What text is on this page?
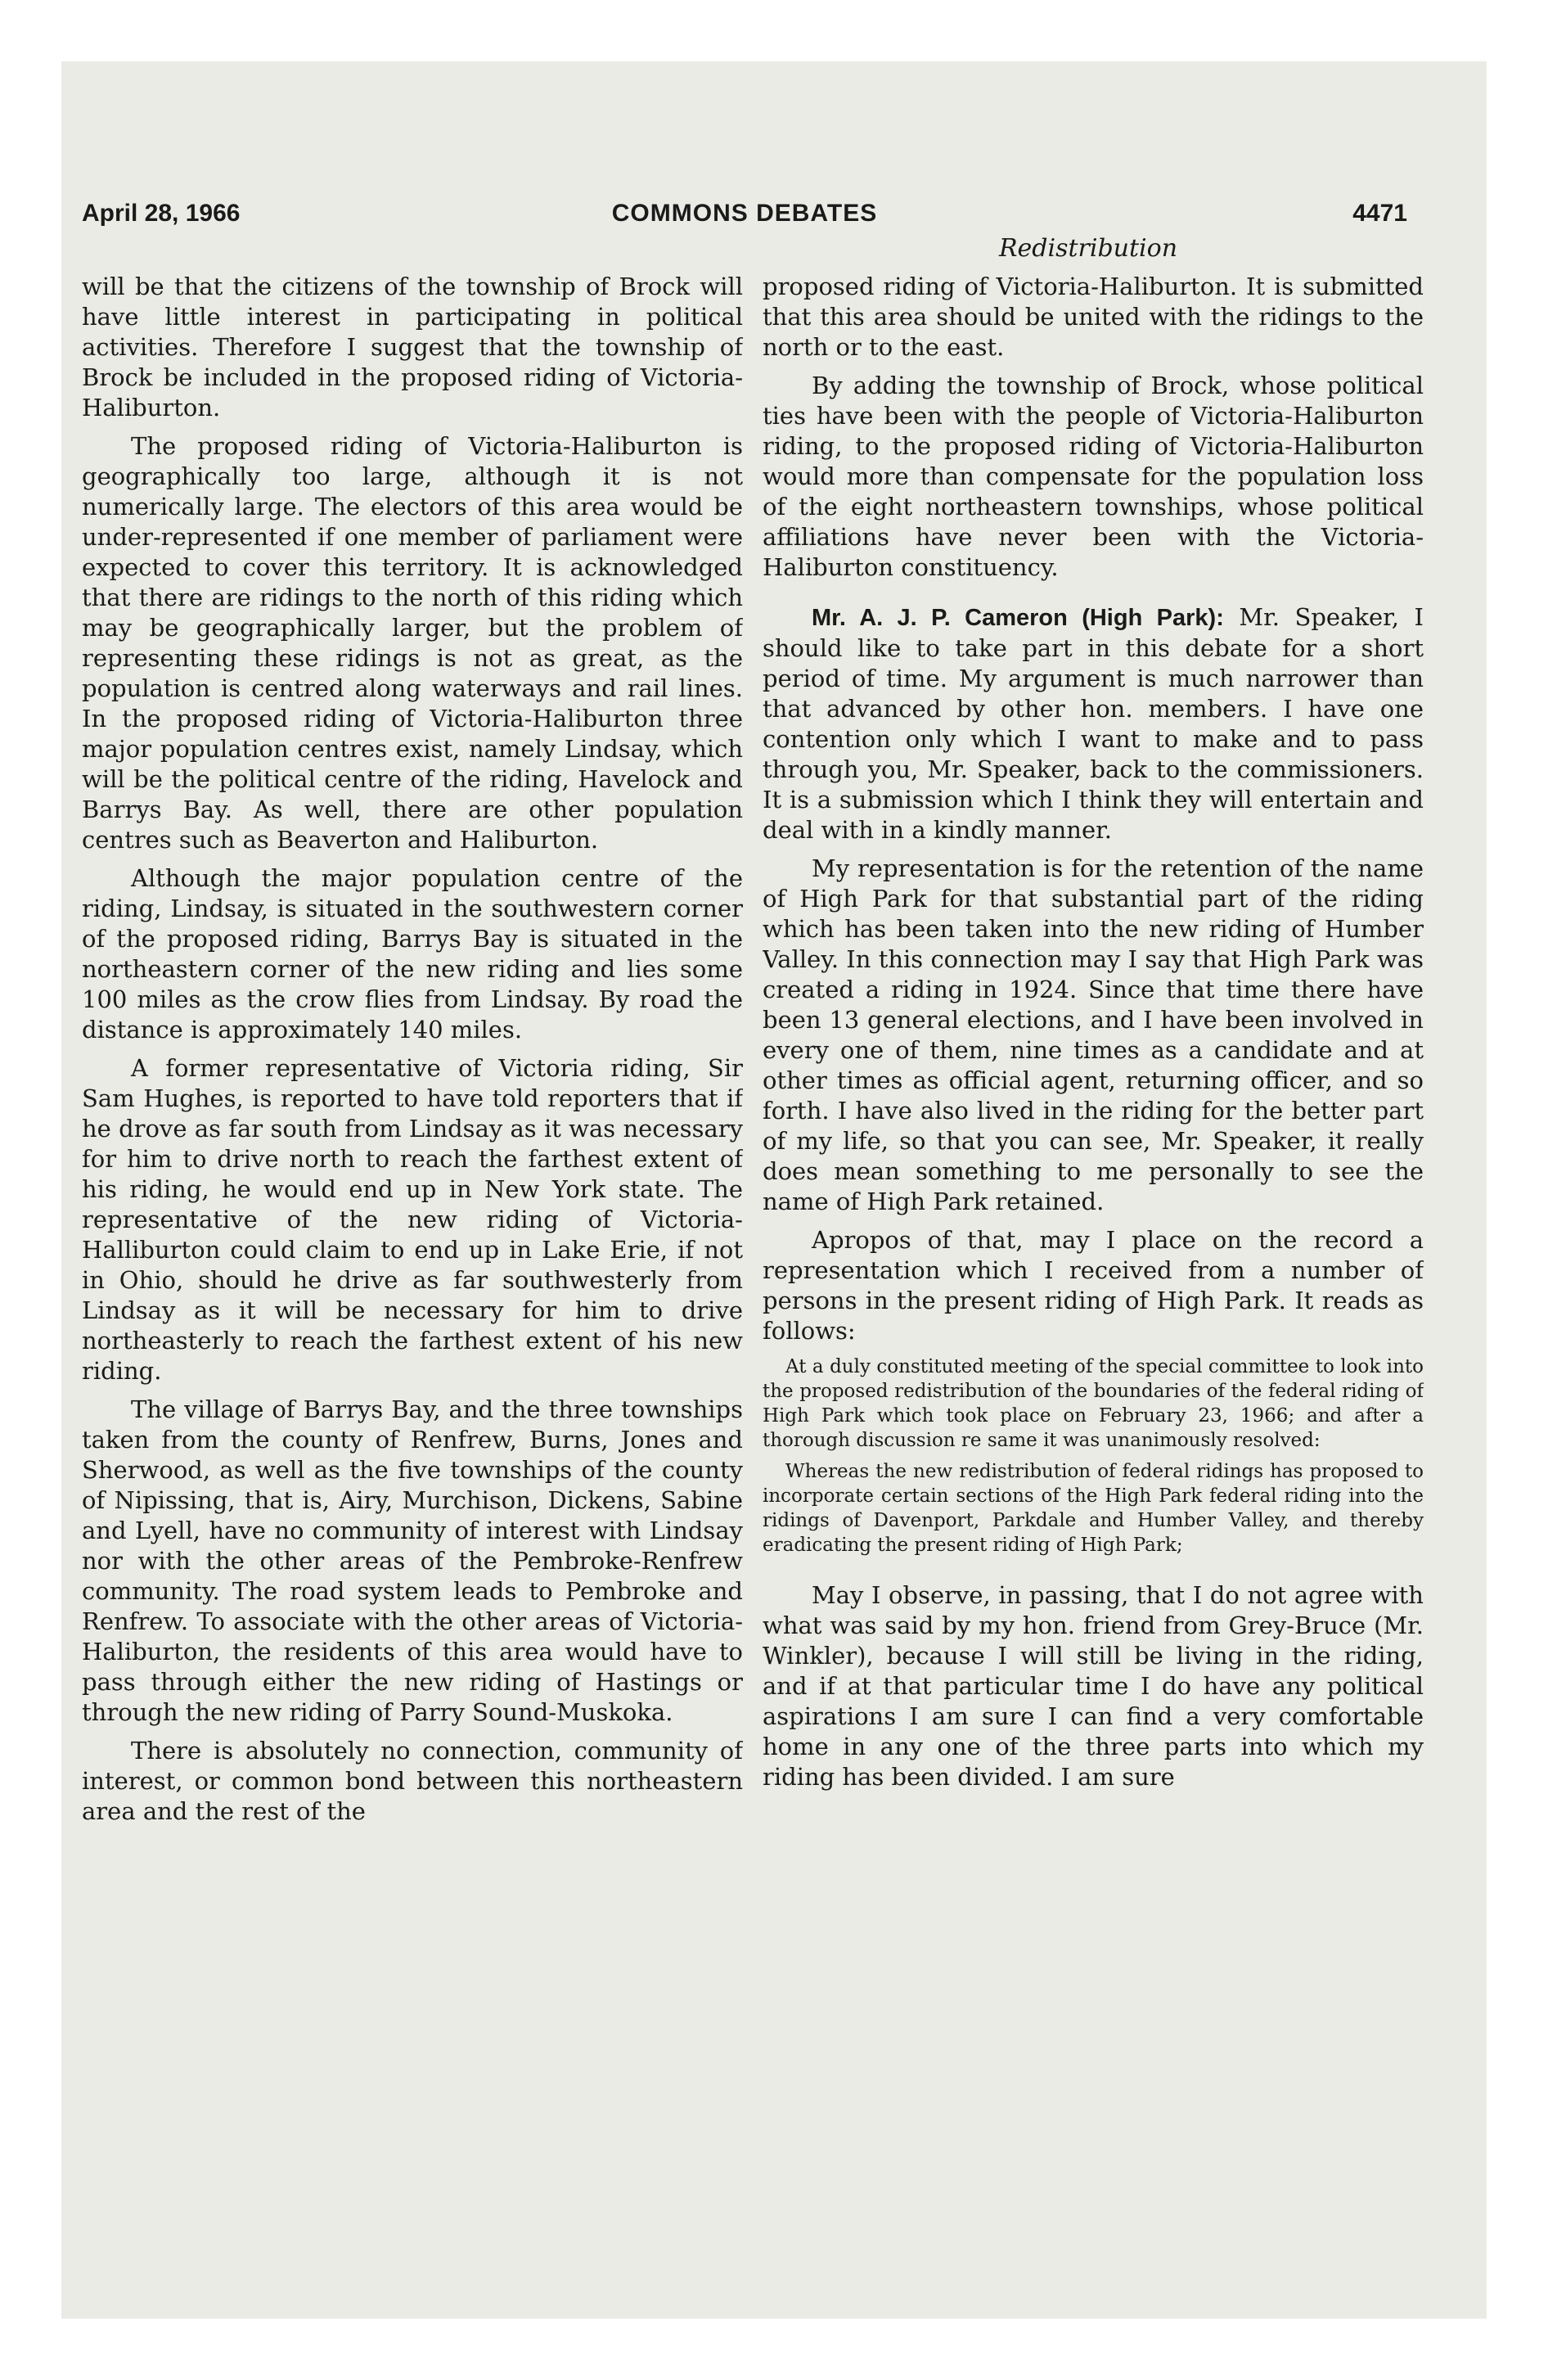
April 28, 1966	COMMONS DEBATES	4471
Redistribution

will be that the citizens of the township of Brock will have little interest in participating in political activities. Therefore I suggest that the township of Brock be included in the proposed riding of Victoria-Haliburton.

The proposed riding of Victoria-Haliburton is geographically too large, although it is not numerically large. The electors of this area would be under-represented if one member of parliament were expected to cover this territory. It is acknowledged that there are ridings to the north of this riding which may be geographically larger, but the problem of representing these ridings is not as great, as the population is centred along waterways and rail lines. In the proposed riding of Victoria-Haliburton three major population centres exist, namely Lindsay, which will be the political centre of the riding, Havelock and Barrys Bay. As well, there are other population centres such as Beaverton and Haliburton.

Although the major population centre of the riding, Lindsay, is situated in the southwestern corner of the proposed riding, Barrys Bay is situated in the northeastern corner of the new riding and lies some 100 miles as the crow flies from Lindsay. By road the distance is approximately 140 miles.

A former representative of Victoria riding, Sir Sam Hughes, is reported to have told reporters that if he drove as far south from Lindsay as it was necessary for him to drive north to reach the farthest extent of his riding, he would end up in New York state. The representative of the new riding of Victoria-Halliburton could claim to end up in Lake Erie, if not in Ohio, should he drive as far southwesterly from Lindsay as it will be necessary for him to drive northeasterly to reach the farthest extent of his new riding.

The village of Barrys Bay, and the three townships taken from the county of Renfrew, Burns, Jones and Sherwood, as well as the five townships of the county of Nipissing, that is, Airy, Murchison, Dickens, Sabine and Lyell, have no community of interest with Lindsay nor with the other areas of the Pembroke-Renfrew community. The road system leads to Pembroke and Renfrew. To associate with the other areas of Victoria-Haliburton, the residents of this area would have to pass through either the new riding of Hastings or through the new riding of Parry Sound-Muskoka.

There is absolutely no connection, community of interest, or common bond between this northeastern area and the rest of the

proposed riding of Victoria-Haliburton. It is submitted that this area should be united with the ridings to the north or to the east.

By adding the township of Brock, whose political ties have been with the people of Victoria-Haliburton riding, to the proposed riding of Victoria-Haliburton would more than compensate for the population loss of the eight northeastern townships, whose political affiliations have never been with the Victoria-Haliburton constituency.

Mr. A. J. P. Cameron (High Park): Mr. Speaker, I should like to take part in this debate for a short period of time. My argument is much narrower than that advanced by other hon. members. I have one contention only which I want to make and to pass through you, Mr. Speaker, back to the commissioners. It is a submission which I think they will entertain and deal with in a kindly manner.

My representation is for the retention of the name of High Park for that substantial part of the riding which has been taken into the new riding of Humber Valley. In this connection may I say that High Park was created a riding in 1924. Since that time there have been 13 general elections, and I have been involved in every one of them, nine times as a candidate and at other times as official agent, returning officer, and so forth. I have also lived in the riding for the better part of my life, so that you can see, Mr. Speaker, it really does mean something to me personally to see the name of High Park retained.

Apropos of that, may I place on the record a representation which I received from a number of persons in the present riding of High Park. It reads as follows:

At a duly constituted meeting of the special committee to look into the proposed redistribution of the boundaries of the federal riding of High Park which took place on February 23, 1966; and after a thorough discussion re same it was unanimously resolved:

Whereas the new redistribution of federal ridings has proposed to incorporate certain sections of the High Park federal riding into the ridings of Davenport, Parkdale and Humber Valley, and thereby eradicating the present riding of High Park;

May I observe, in passing, that I do not agree with what was said by my hon. friend from Grey-Bruce (Mr. Winkler), because I will still be living in the riding, and if at that particular time I do have any political aspirations I am sure I can find a very comfortable home in any one of the three parts into which my riding has been divided. I am sure
